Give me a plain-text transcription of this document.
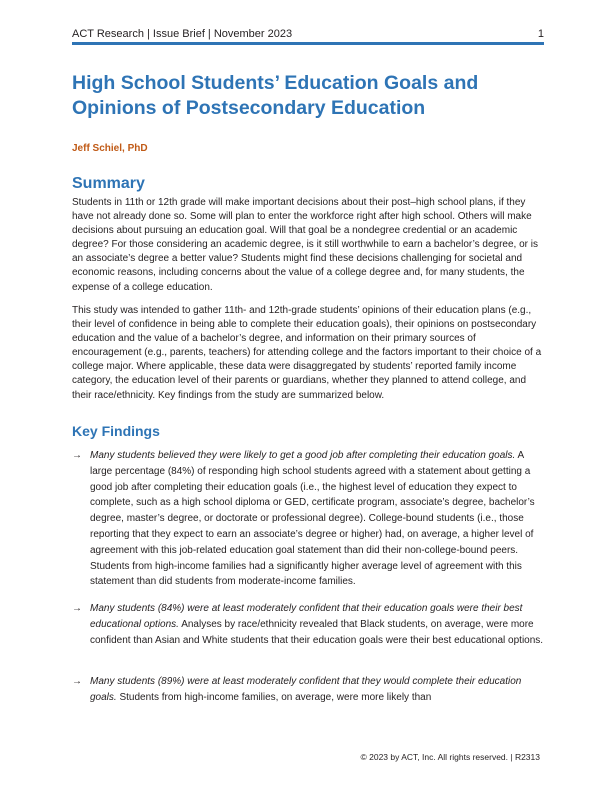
ACT Research | Issue Brief | November 2023	1
High School Students’ Education Goals and Opinions of Postsecondary Education
Jeff Schiel, PhD
Summary
Students in 11th or 12th grade will make important decisions about their post–high school plans, if they have not already done so. Some will plan to enter the workforce right after high school. Others will make decisions about pursuing an education goal. Will that goal be a nondegree credential or an academic degree? For those considering an academic degree, is it still worthwhile to earn a bachelor’s degree, or is an associate’s degree a better value? Students might find these decisions challenging for societal and economic reasons, including concerns about the value of a college degree and, for many students, the expense of a college education.
This study was intended to gather 11th- and 12th-grade students’ opinions of their education plans (e.g., their level of confidence in being able to complete their education goals), their opinions on postsecondary education and the value of a bachelor’s degree, and information on their primary sources of encouragement (e.g., parents, teachers) for attending college and the factors important to their choice of a college major. Where applicable, these data were disaggregated by students’ reported family income category, the education level of their parents or guardians, whether they planned to attend college, and their race/ethnicity. Key findings from the study are summarized below.
Key Findings
→ Many students believed they were likely to get a good job after completing their education goals. A large percentage (84%) of responding high school students agreed with a statement about getting a good job after completing their education goals (i.e., the highest level of education they expect to complete, such as a high school diploma or GED, certificate program, associate’s degree, bachelor’s degree, master’s degree, or doctorate or professional degree). College-bound students (i.e., those reporting that they expect to earn an associate’s degree or higher) had, on average, a higher level of agreement with this job-related education goal statement than did their non-college-bound peers. Students from high-income families had a significantly higher average level of agreement with this statement than did students from moderate-income families.
→ Many students (84%) were at least moderately confident that their education goals were their best educational options. Analyses by race/ethnicity revealed that Black students, on average, were more confident than Asian and White students that their education goals were their best educational options.
→ Many students (89%) were at least moderately confident that they would complete their education goals. Students from high-income families, on average, were more likely than
© 2023 by ACT, Inc. All rights reserved. | R2313
